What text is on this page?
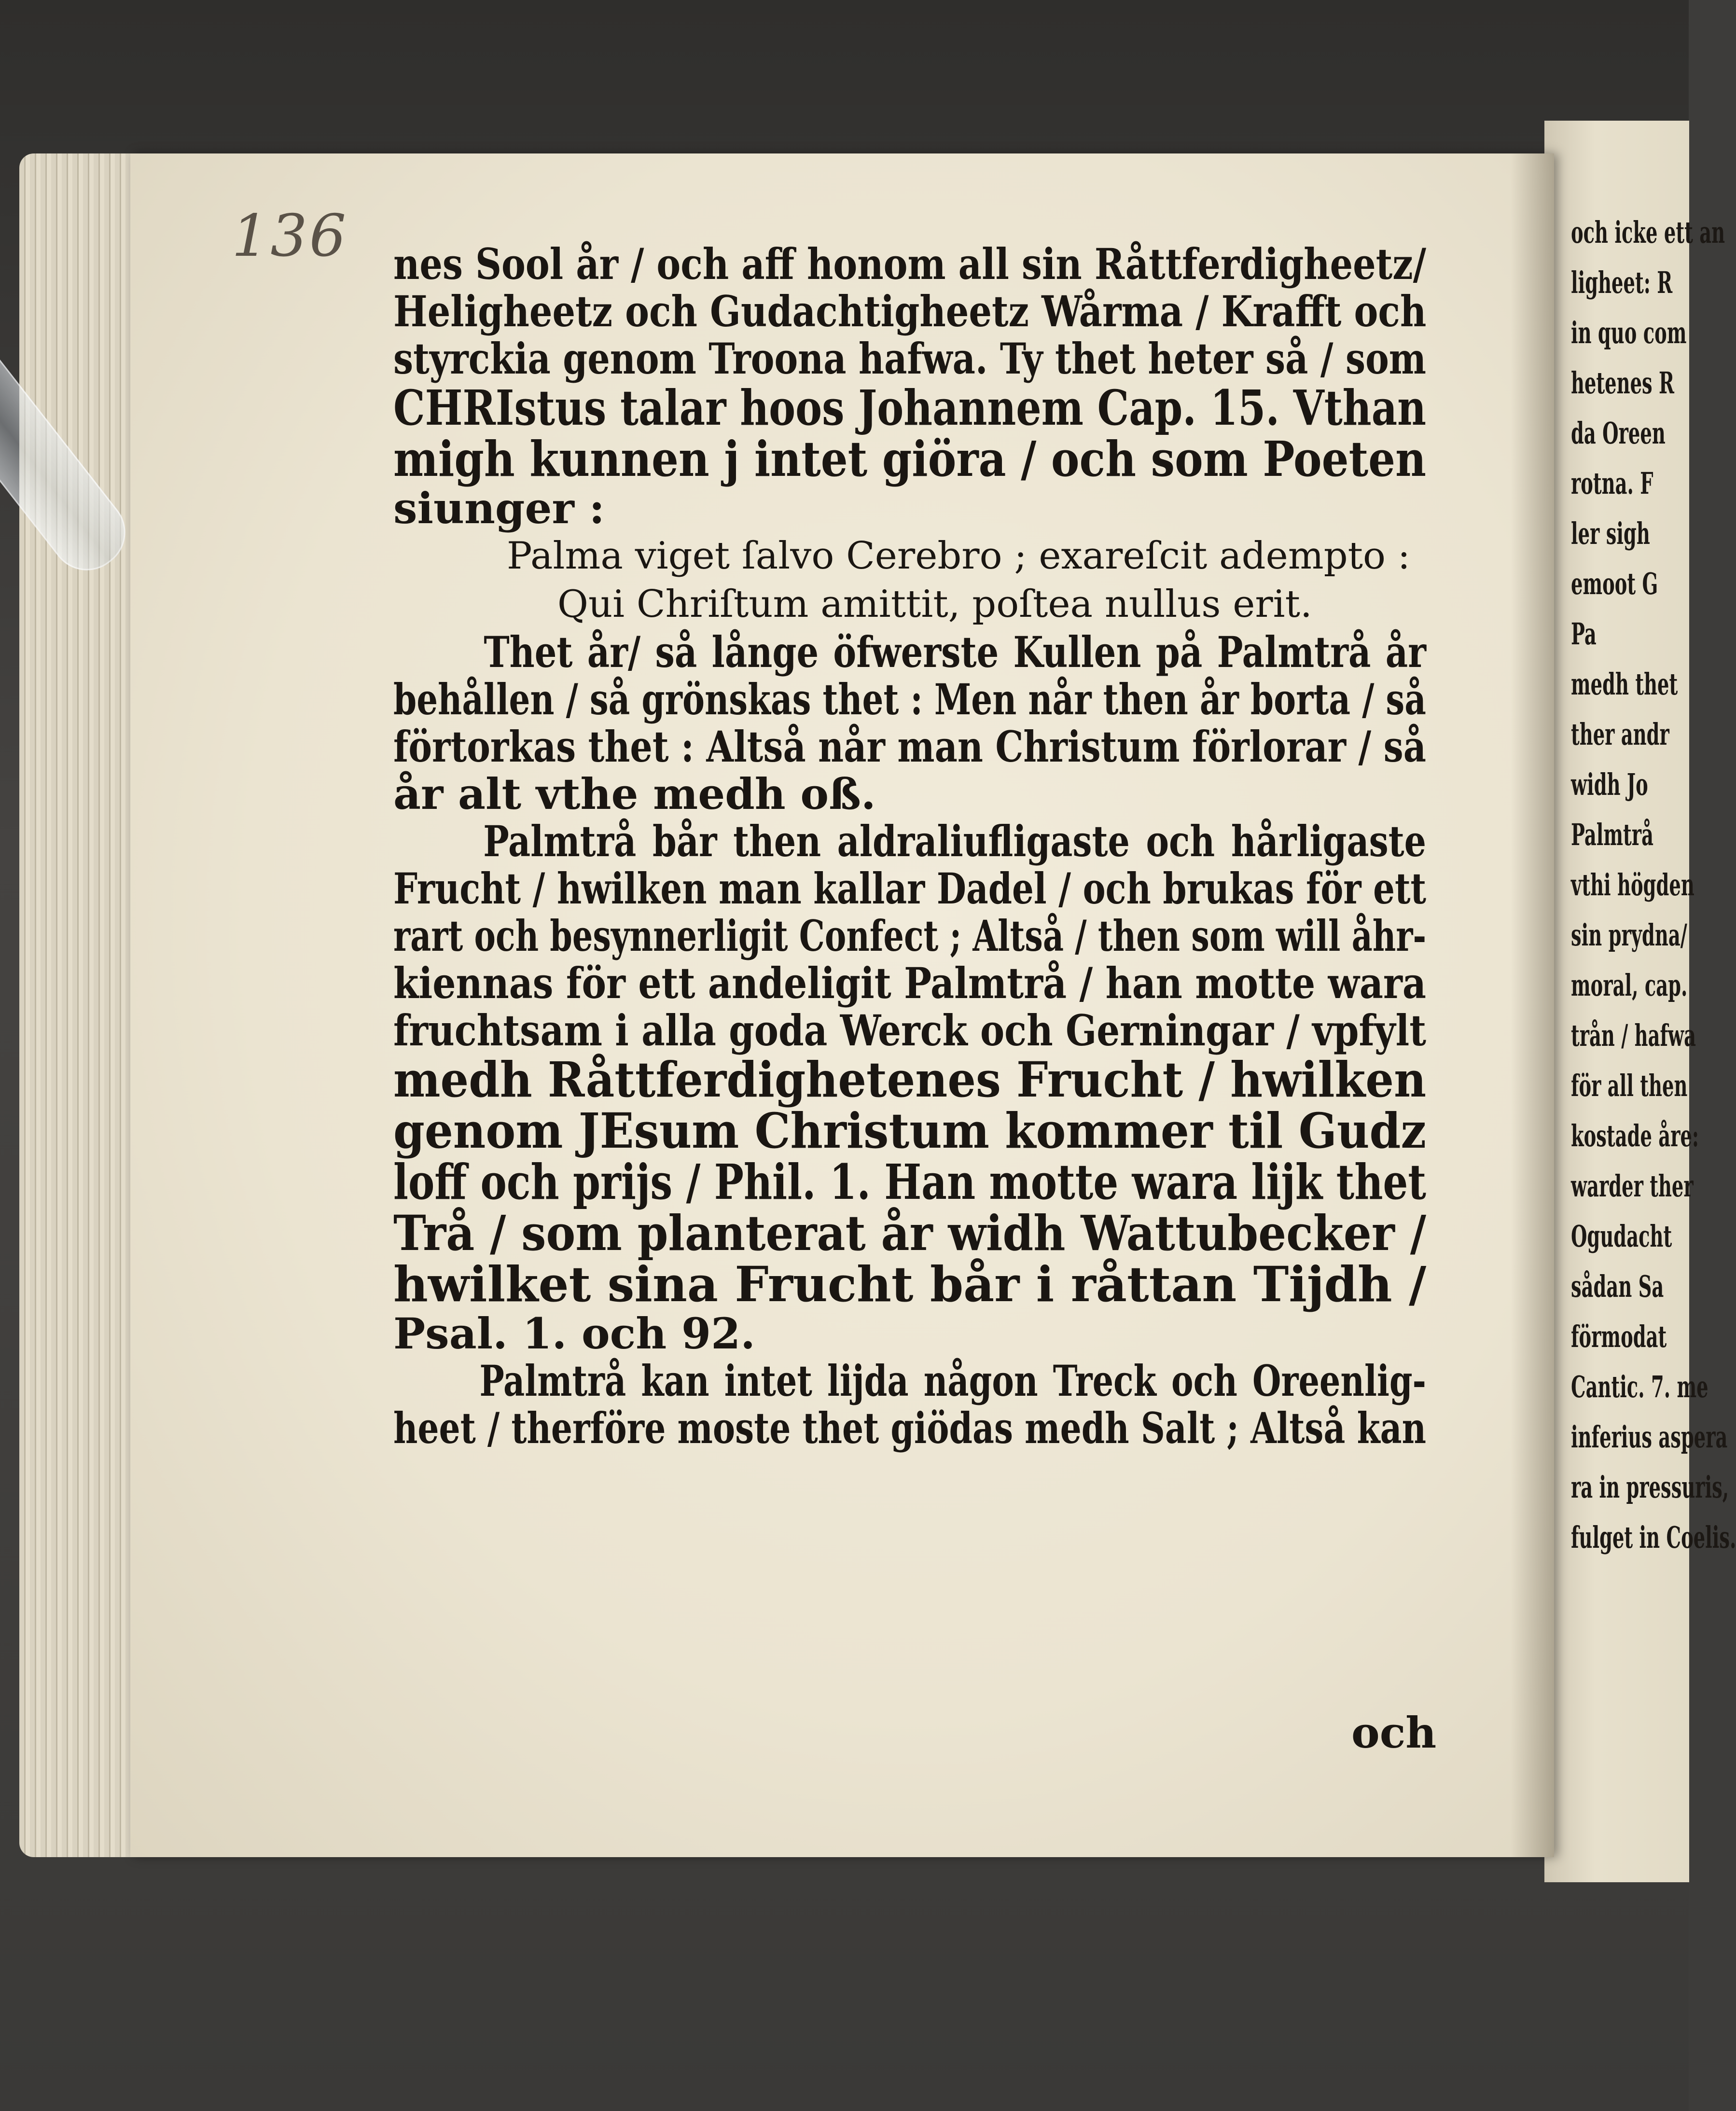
och icke ett an
ligheet: R
in quo com
hetenes R
da Oreen
rotna. F
ler sigh
emoot G
Pa
medh thet
ther andr
widh Jo
Palmtrå
vthi högden
sin prydna/
moral, cap.
trån / hafwa
för all then
kostade åre:
warder ther
Ogudacht
sådan Sa
förmodat
Cantic. 7. me
inferius aspera
ra in pressuris,
fulget in Coelis.
136 nes Sool år / och aff honom all sin Råttferdigheetz/
Heligheetz och Gudachtigheetz Wårma / Krafft och
styrckia genom Troona hafwa. Ty thet heter så / som
CHRIstus talar hoos Johannem Cap. 15. Vthan
migh kunnen j intet giöra / och som Poeten
siunger :
Palma viget ſalvo Cerebro ; exareſcit adempto :
Qui Chriſtum amittit, poſtea nullus erit.
Thet år/ så långe öfwerste Kullen på Palmtrå år
behållen / så grönskas thet : Men når then år borta / så
förtorkas thet : Altså når man Christum förlorar / så
år alt vthe medh oß.
Palmtrå bår then aldraliufligaste och hårligaste
Frucht / hwilken man kallar Dadel / och brukas för ett
rart och besynnerligit Confect ; Altså / then som will åhr-
kiennas för ett andeligit Palmtrå / han motte wara
fruchtsam i alla goda Werck och Gerningar / vpfylt
medh Råttferdighetenes Frucht / hwilken
genom JEsum Christum kommer til Gudz
loff och prijs / Phil. 1. Han motte wara lijk thet
Trå / som planterat år widh Wattubecker /
hwilket sina Frucht bår i råttan Tijdh /
Psal. 1. och 92.
Palmtrå kan intet lijda någon Treck och Oreenlig-
heet / therföre moste thet giödas medh Salt ; Altså kan
och
